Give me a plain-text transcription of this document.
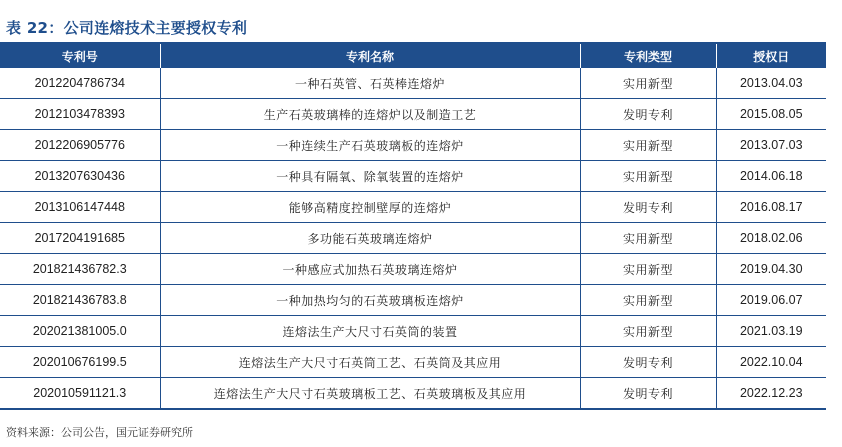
表 22：公司连熔技术主要授权专利
专利号	专利名称	专利类型	授权日
2012204786734	一种石英管、石英棒连熔炉	实用新型	2013.04.03
2012103478393	生产石英玻璃棒的连熔炉以及制造工艺	发明专利	2015.08.05
2012206905776	一种连续生产石英玻璃板的连熔炉	实用新型	2013.07.03
2013207630436	一种具有隔氧、除氧装置的连熔炉	实用新型	2014.06.18
2013106147448	能够高精度控制壁厚的连熔炉	发明专利	2016.08.17
2017204191685	多功能石英玻璃连熔炉	实用新型	2018.02.06
201821436782.3	一种感应式加热石英玻璃连熔炉	实用新型	2019.04.30
201821436783.8	一种加热均匀的石英玻璃板连熔炉	实用新型	2019.06.07
202021381005.0	连熔法生产大尺寸石英筒的装置	实用新型	2021.03.19
202010676199.5	连熔法生产大尺寸石英筒工艺、石英筒及其应用	发明专利	2022.10.04
202010591121.3	连熔法生产大尺寸石英玻璃板工艺、石英玻璃板及其应用	发明专利	2022.12.23
资料来源：公司公告，国元证券研究所
